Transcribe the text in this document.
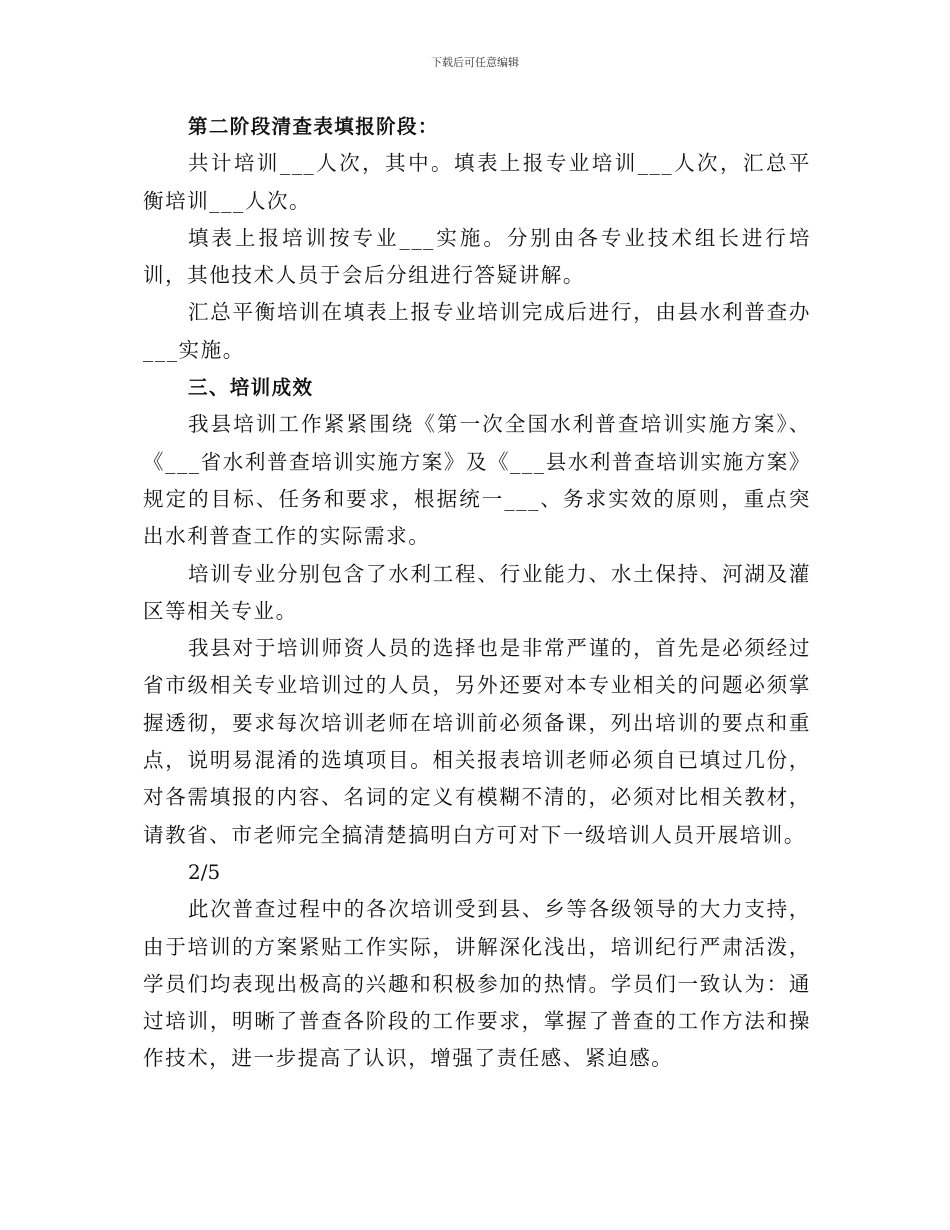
下载后可任意编辑

第二阶段清查表填报阶段：

共计培训___人次，其中。填表上报专业培训___人次，汇总平衡培训___人次。

填表上报培训按专业___实施。分别由各专业技术组长进行培训，其他技术人员于会后分组进行答疑讲解。

汇总平衡培训在填表上报专业培训完成后进行，由县水利普查办___实施。

三、培训成效

我县培训工作紧紧围绕《第一次全国水利普查培训实施方案》、《___省水利普查培训实施方案》及《___县水利普查培训实施方案》规定的目标、任务和要求，根据统一___、务求实效的原则，重点突出水利普查工作的实际需求。

培训专业分别包含了水利工程、行业能力、水土保持、河湖及灌区等相关专业。

我县对于培训师资人员的选择也是非常严谨的，首先是必须经过省市级相关专业培训过的人员，另外还要对本专业相关的问题必须掌握透彻，要求每次培训老师在培训前必须备课，列出培训的要点和重点，说明易混淆的选填项目。相关报表培训老师必须自已填过几份，对各需填报的内容、名词的定义有模糊不清的，必须对比相关教材，请教省、市老师完全搞清楚搞明白方可对下一级培训人员开展培训。

2/5

此次普查过程中的各次培训受到县、乡等各级领导的大力支持，由于培训的方案紧贴工作实际，讲解深化浅出，培训纪行严肃活泼，学员们均表现出极高的兴趣和积极参加的热情。学员们一致认为：通过培训，明晰了普查各阶段的工作要求，掌握了普查的工作方法和操作技术，进一步提高了认识，增强了责任感、紧迫感。
